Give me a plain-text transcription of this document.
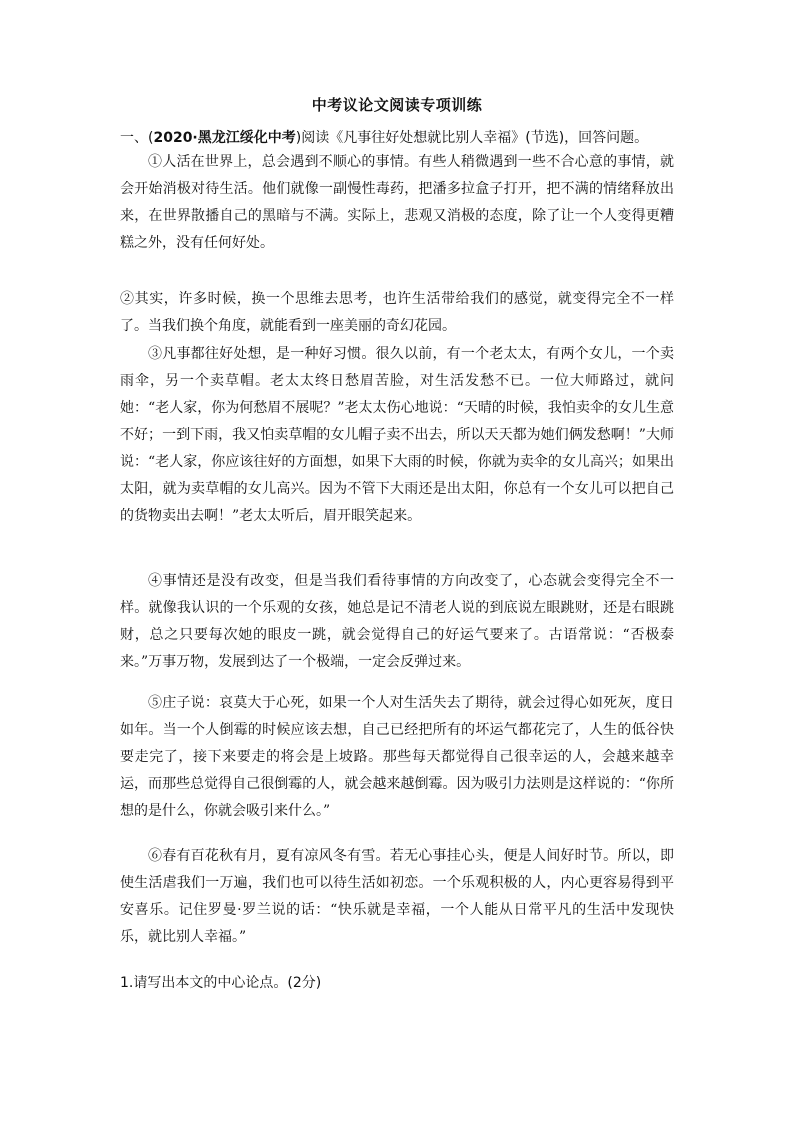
中考议论文阅读专项训练
一、(2020·黑龙江绥化中考)阅读《凡事往好处想就比别人幸福》(节选)，回答问题。

①人活在世界上，总会遇到不顺心的事情。有些人稍微遇到一些不合心意的事情，就会开始消极对待生活。他们就像一副慢性毒药，把潘多拉盒子打开，把不满的情绪释放出来，在世界散播自己的黑暗与不满。实际上，悲观又消极的态度，除了让一个人变得更糟糕之外，没有任何好处。

②其实，许多时候，换一个思维去思考，也许生活带给我们的感觉，就变得完全不一样了。当我们换个角度，就能看到一座美丽的奇幻花园。

③凡事都往好处想，是一种好习惯。很久以前，有一个老太太，有两个女儿，一个卖雨伞，另一个卖草帽。老太太终日愁眉苦脸，对生活发愁不已。一位大师路过，就问她：“老人家，你为何愁眉不展呢？”老太太伤心地说：“天晴的时候，我怕卖伞的女儿生意不好；一到下雨，我又怕卖草帽的女儿帽子卖不出去，所以天天都为她们俩发愁啊！”大师说：“老人家，你应该往好的方面想，如果下大雨的时候，你就为卖伞的女儿高兴；如果出太阳，就为卖草帽的女儿高兴。因为不管下大雨还是出太阳，你总有一个女儿可以把自己的货物卖出去啊！”老太太听后，眉开眼笑起来。

④事情还是没有改变，但是当我们看待事情的方向改变了，心态就会变得完全不一样。就像我认识的一个乐观的女孩，她总是记不清老人说的到底说左眼跳财，还是右眼跳财，总之只要每次她的眼皮一跳，就会觉得自己的好运气要来了。古语常说：“否极泰来。”万事万物，发展到达了一个极端，一定会反弹过来。

⑤庄子说：哀莫大于心死，如果一个人对生活失去了期待，就会过得心如死灰，度日如年。当一个人倒霉的时候应该去想，自己已经把所有的坏运气都花完了，人生的低谷快要走完了，接下来要走的将会是上坡路。那些每天都觉得自己很幸运的人，会越来越幸运，而那些总觉得自己很倒霉的人，就会越来越倒霉。因为吸引力法则是这样说的：“你所想的是什么，你就会吸引来什么。”

⑥春有百花秋有月，夏有凉风冬有雪。若无心事挂心头，便是人间好时节。所以，即使生活虐我们一万遍，我们也可以待生活如初恋。一个乐观积极的人，内心更容易得到平安喜乐。记住罗曼·罗兰说的话：“快乐就是幸福，一个人能从日常平凡的生活中发现快乐，就比别人幸福。”

1.请写出本文的中心论点。(2分)
